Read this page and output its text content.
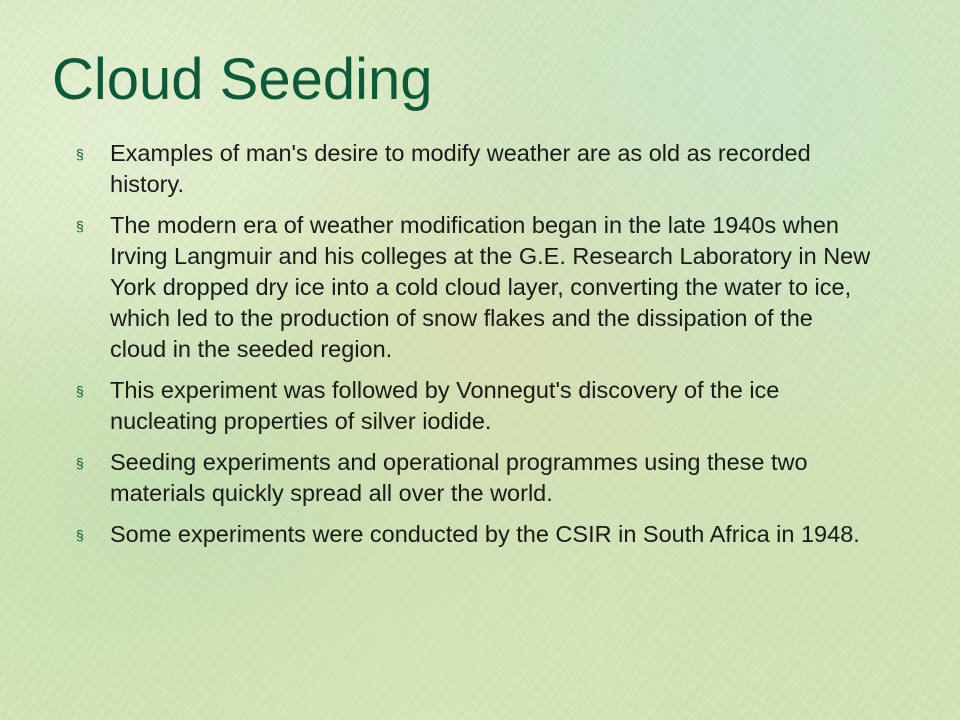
Cloud Seeding
§ Examples of man's desire to modify weather are as old as recorded history.
§ The modern era of weather modification began in the late 1940s when Irving Langmuir and his colleges at the G.E. Research Laboratory in New York dropped dry ice into a cold cloud layer, converting the water to ice, which led to the production of snow flakes and the dissipation of the cloud in the seeded region.
§ This experiment was followed by Vonnegut's discovery of the ice nucleating properties of silver iodide.
§ Seeding experiments and operational programmes using these two materials quickly spread all over the world.
§ Some experiments were conducted by the CSIR in South Africa in 1948.
